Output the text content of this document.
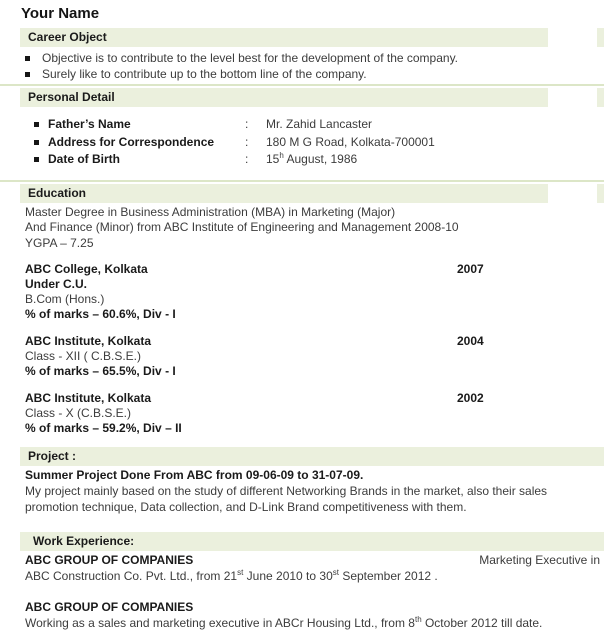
Your Name
Career Object
Objective is to contribute to the level best for the development of the company.
Surely like to contribute up to the bottom line of the company.
Personal Detail
Father’s Name	:	Mr. Zahid Lancaster
Address for Correspondence	:	180 M G Road, Kolkata-700001
Date of Birth	:	15$^h$ August, 1986
Education
Master Degree in Business Administration (MBA) in Marketing (Major)
And Finance (Minor) from ABC Institute of Engineering and Management 2008-10
YGPA – 7.25
ABC College, Kolkata	2007
Under C.U.
B.Com (Hons.)
% of marks – 60.6%, Div - I
ABC Institute, Kolkata	2004
Class - XII ( C.B.S.E.)
% of marks – 65.5%, Div - I
ABC Institute, Kolkata	2002
Class - X (C.B.S.E.)
% of marks – 59.2%, Div – II
Project :
Summer Project Done From ABC from 09-06-09 to 31-07-09.
My project mainly based on the study of different Networking Brands in the market, also their sales promotion technique, Data collection, and D-Link Brand competitiveness with them.
Work Experience:
ABC GROUP OF COMPANIES	Marketing Executive in
ABC Construction Co. Pvt. Ltd., from 21st June 2010 to 30st September 2012 .
ABC GROUP OF COMPANIES
Working as a sales and marketing executive in ABCr Housing Ltd., from 8th October 2012 till date.
